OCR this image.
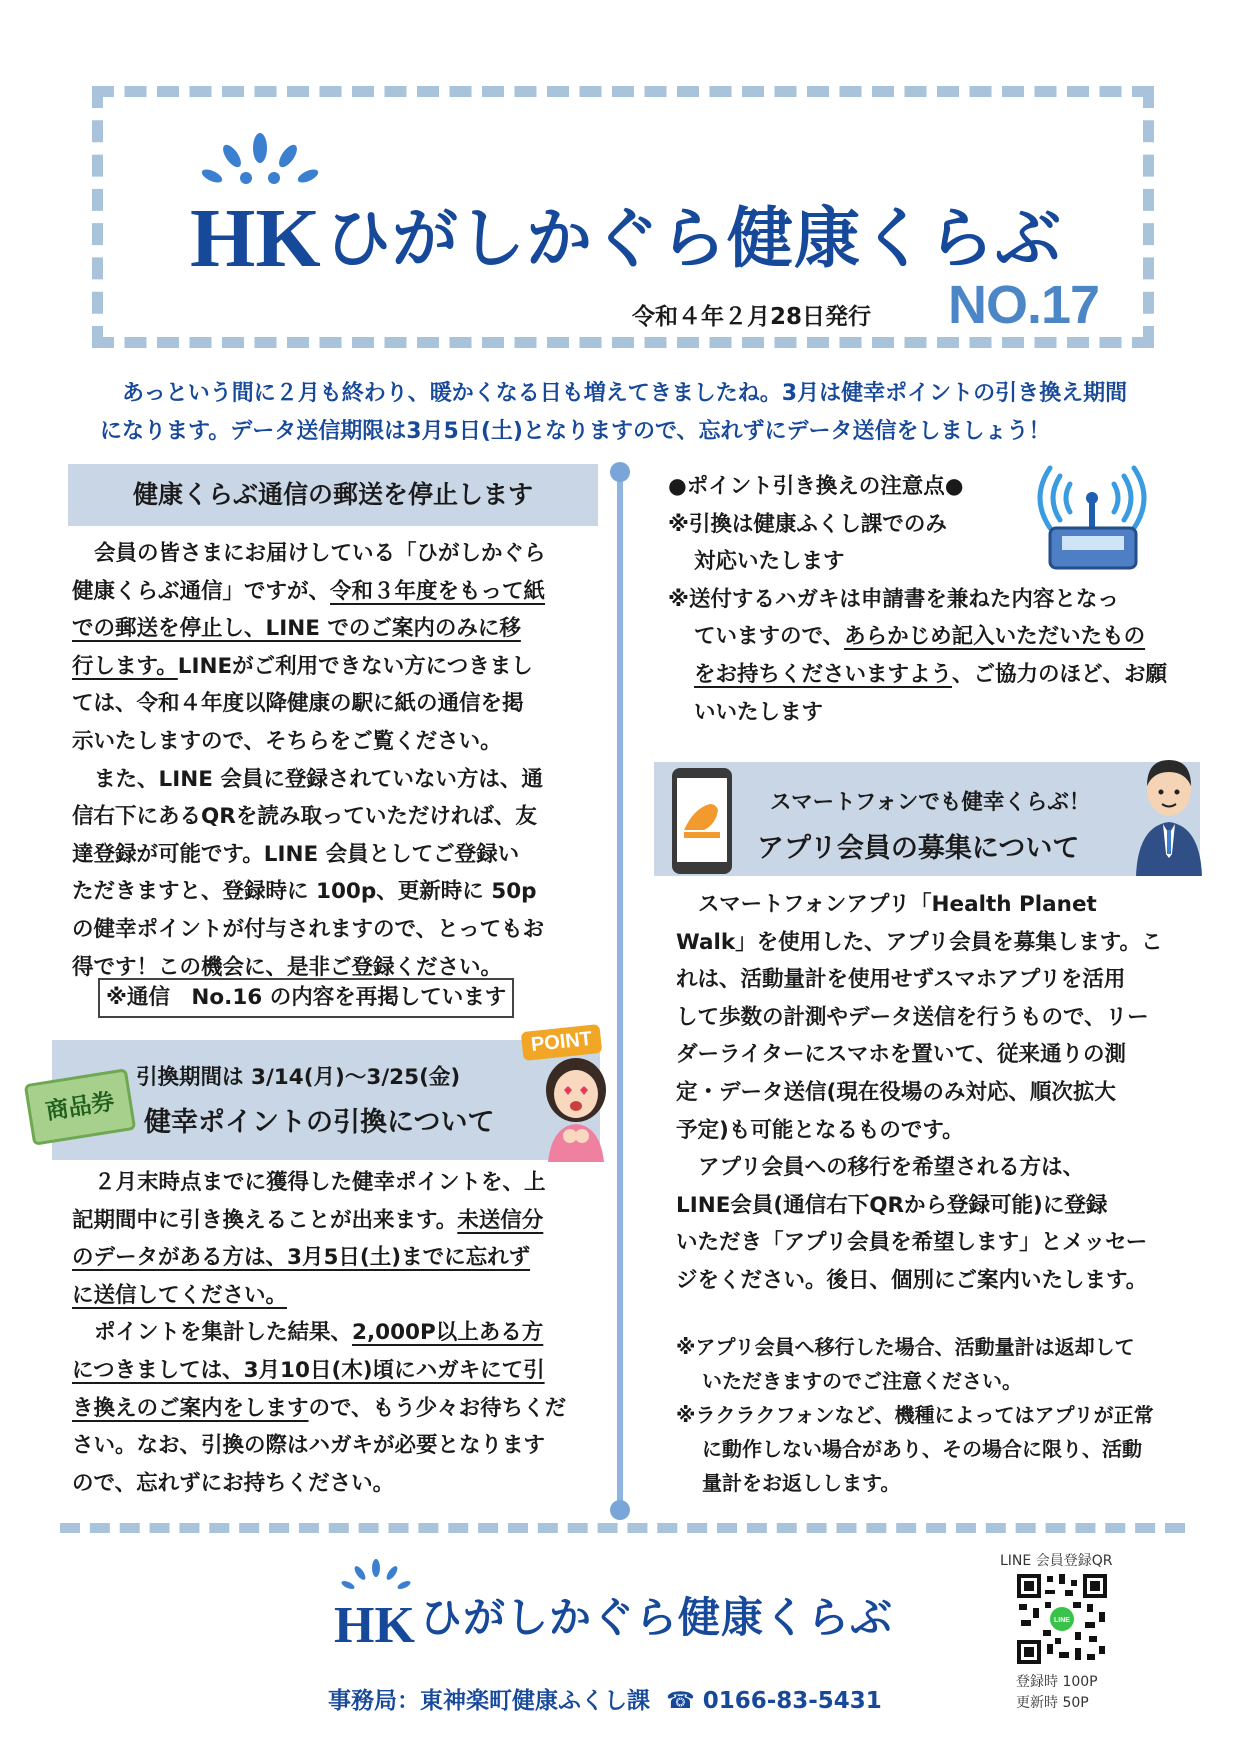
HK ひがしかぐら健康くらぶ
令和４年２月28日発行 NO.17

あっという間に２月も終わり、暖かくなる日も増えてきましたね。3月は健幸ポイントの引き換え期間

になります。データ送信期限は3月5日(土)となりますので、忘れずにデータ送信をしましょう！

健康くらぶ通信の郵送を停止します

会員の皆さまにお届けしている「ひがしかぐら

健康くらぶ通信」ですが、令和３年度をもって紙

での郵送を停止し、LINE でのご案内のみに移

行します。LINEがご利用できない方につきまし

ては、令和４年度以降健康の駅に紙の通信を掲

示いたしますので、そちらをご覧ください。

また、LINE 会員に登録されていない方は、通

信右下にあるQRを読み取っていただければ、友

達登録が可能です。LINE 会員としてご登録い

ただきますと、登録時に 100p、更新時に 50p

の健幸ポイントが付与されますので、とってもお

得です！この機会に、是非ご登録ください。

※通信　No.16 の内容を再掲しています
商品券
引換期間は 3/14(月)～3/25(金)
健幸ポイントの引換について
POINT

２月末時点までに獲得した健幸ポイントを、上

記期間中に引き換えることが出来ます。未送信分

のデータがある方は、3月5日(土)までに忘れず

に送信してください。

ポイントを集計した結果、2,000P以上ある方

につきましては、3月10日(木)頃にハガキにて引

き換えのご案内をしますので、もう少々お待ちくだ

さい。なお、引換の際はハガキが必要となります

ので、忘れずにお持ちください。

●ポイント引き換えの注意点●

※引換は健康ふくし課でのみ

対応いたします

※送付するハガキは申請書を兼ねた内容となっ

ていますので、あらかじめ記入いただいたもの

をお持ちくださいますよう、ご協力のほど、お願

いいたします

スマートフォンでも健幸くらぶ！
アプリ会員の募集について

スマートフォンアプリ「Health Planet

Walk」を使用した、アプリ会員を募集します。こ

れは、活動量計を使用せずスマホアプリを活用

して歩数の計測やデータ送信を行うもので、リー

ダーライターにスマホを置いて、従来通りの測

定・データ送信(現在役場のみ対応、順次拡大

予定)も可能となるものです。

アプリ会員への移行を希望される方は、

LINE会員(通信右下QRから登録可能)に登録

いただき「アプリ会員を希望します」とメッセー

ジをください。後日、個別にご案内いたします。

※アプリ会員へ移行した場合、活動量計は返却して

いただきますのでご注意ください。

※ラクラクフォンなど、機種によってはアプリが正常

に動作しない場合があり、その場合に限り、活動

量計をお返しします。

HK ひがしかぐら健康くらぶ
事務局：東神楽町健康ふくし課 ☎ 0166-83-5431
LINE 会員登録QR
LINE
登録時 100P
更新時 50P
